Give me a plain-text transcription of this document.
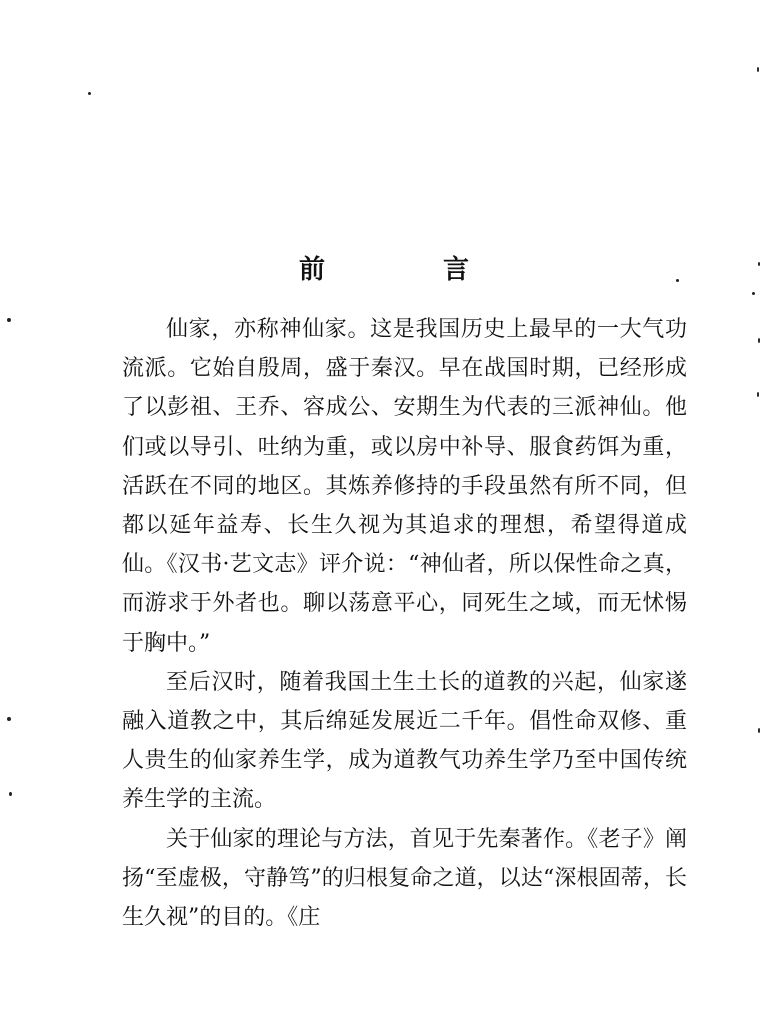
前　言

仙家，亦称神仙家。这是我国历史上最早的一大气功流派。它始自殷周，盛于秦汉。早在战国时期，已经形成了以彭祖、王乔、容成公、安期生为代表的三派神仙。他们或以导引、吐纳为重，或以房中补导、服食药饵为重，活跃在不同的地区。其炼养修持的手段虽然有所不同，但都以延年益寿、长生久视为其追求的理想，希望得道成仙。《汉书·艺文志》评介说：“神仙者，所以保性命之真，而游求于外者也。聊以荡意平心，同死生之域，而无怵惕于胸中。”

至后汉时，随着我国土生土长的道教的兴起，仙家遂融入道教之中，其后绵延发展近二千年。倡性命双修、重人贵生的仙家养生学，成为道教气功养生学乃至中国传统养生学的主流。

关于仙家的理论与方法，首见于先秦著作。《老子》阐扬“至虚极，守静笃”的归根复命之道，以达“深根固蒂，长生久视”的目的。《庄
